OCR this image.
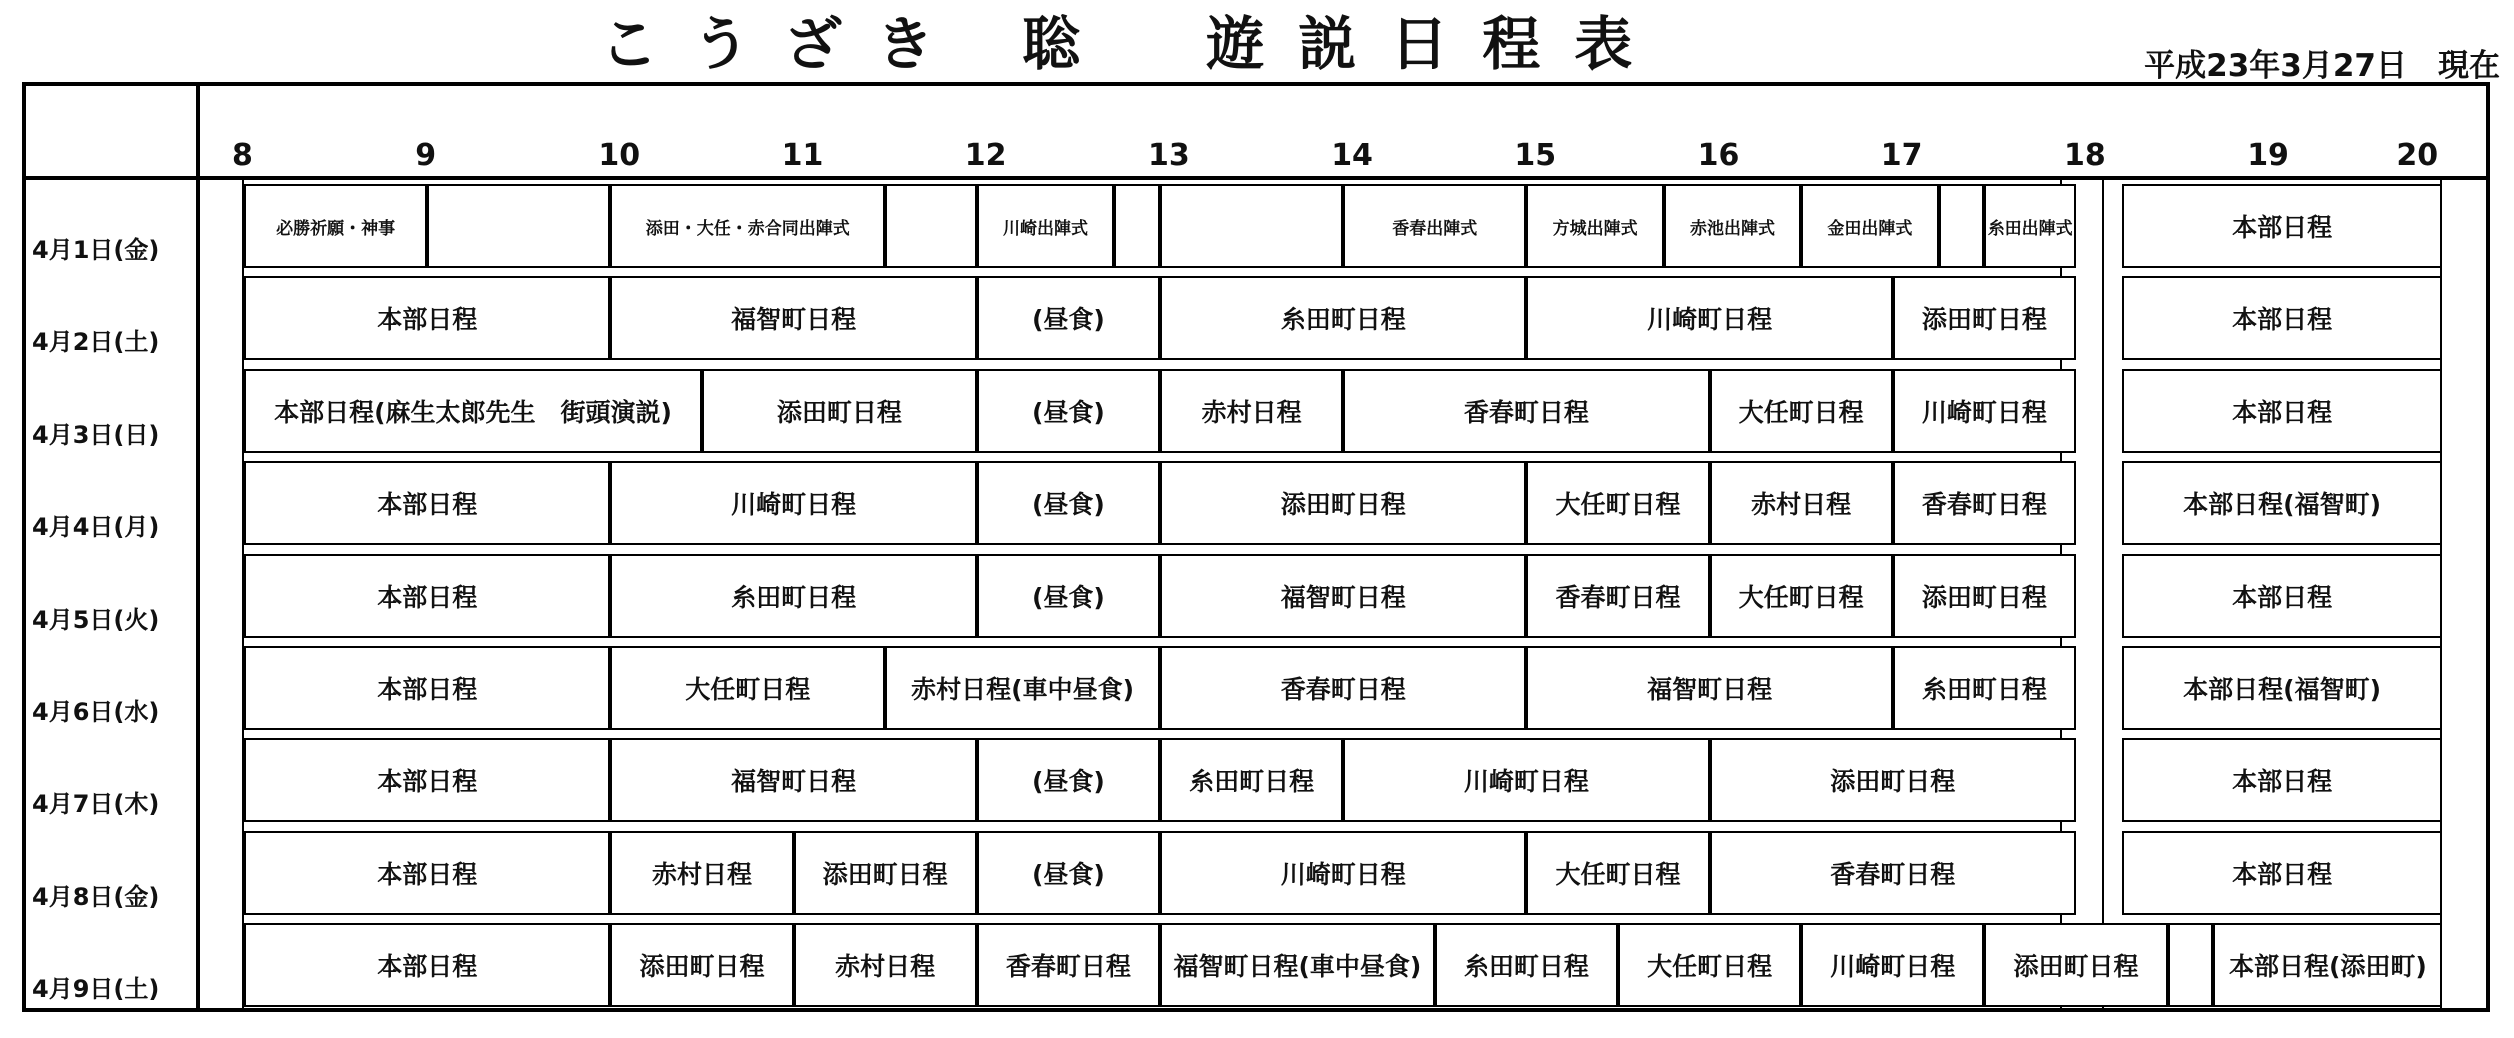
こうざき 聡　遊説日程表	平成23年3月27日　現在
8	9	10	11	12	13	14	15	16	17	18	19	20
4月1日(金)
必勝祈願・神事	添田・大任・赤合同出陣式	川崎出陣式	香春出陣式	方城出陣式	赤池出陣式	金田出陣式	糸田出陣式	本部日程
4月2日(土)
本部日程	福智町日程	(昼食)	糸田町日程	川崎町日程	添田町日程	本部日程
4月3日(日)
本部日程(麻生太郎先生　街頭演説)	添田町日程	(昼食)	赤村日程	香春町日程	大任町日程	川崎町日程	本部日程
4月4日(月)
本部日程	川崎町日程	(昼食)	添田町日程	大任町日程	赤村日程	香春町日程	本部日程(福智町)
4月5日(火)
本部日程	糸田町日程	(昼食)	福智町日程	香春町日程	大任町日程	添田町日程	本部日程
4月6日(水)
本部日程	大任町日程	赤村日程(車中昼食)	香春町日程	福智町日程	糸田町日程	本部日程(福智町)
4月7日(木)
本部日程	福智町日程	(昼食)	糸田町日程	川崎町日程	添田町日程	本部日程
4月8日(金)
本部日程	赤村日程	添田町日程	(昼食)	川崎町日程	大任町日程	香春町日程	本部日程
4月9日(土)
本部日程	添田町日程	赤村日程	香春町日程	福智町日程(車中昼食)	糸田町日程	大任町日程	川崎町日程	添田町日程	本部日程(添田町)
